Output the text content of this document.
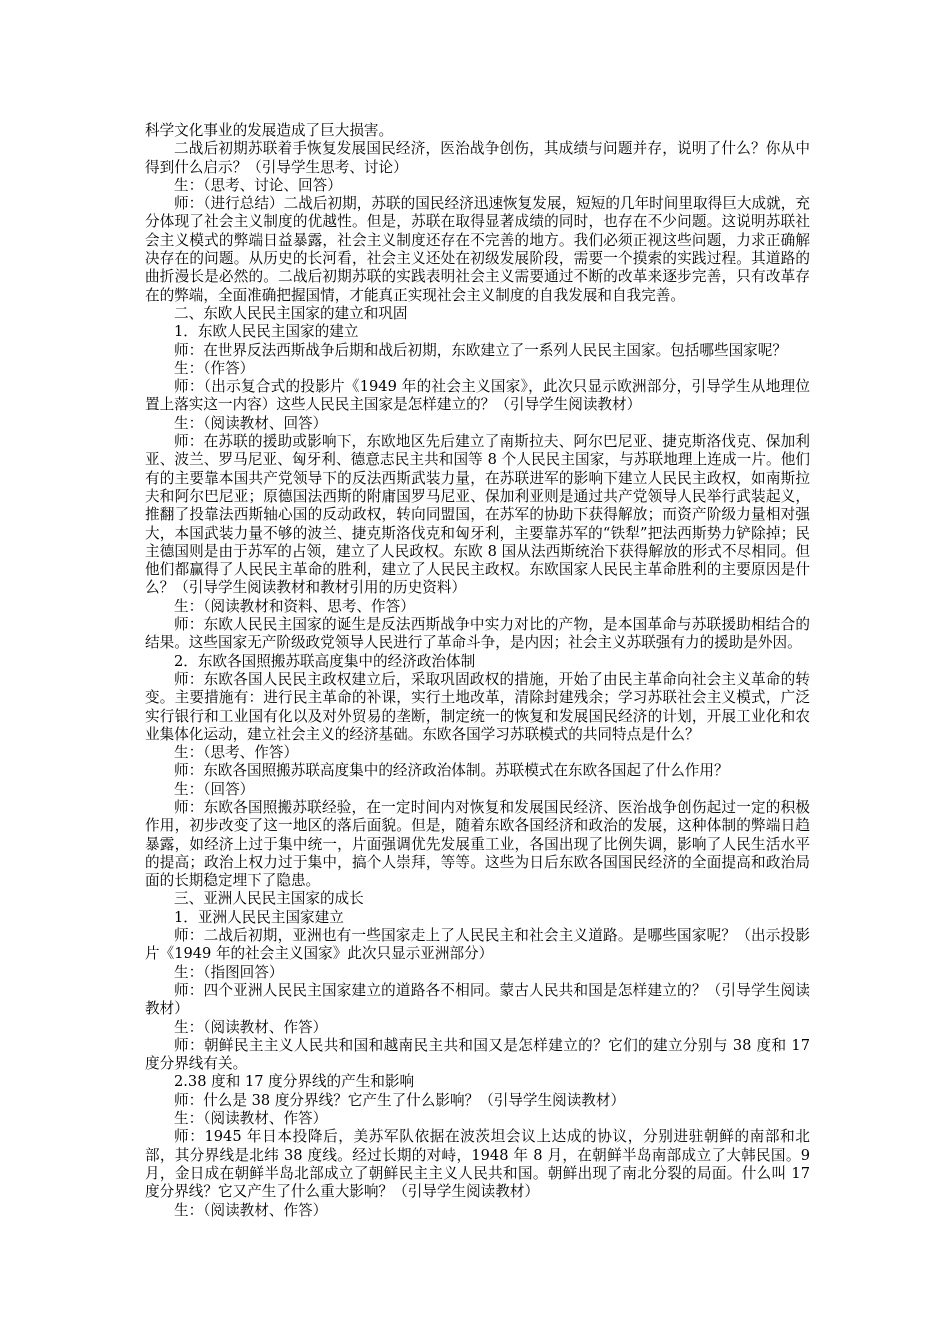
科学文化事业的发展造成了巨大损害。

二战后初期苏联着手恢复发展国民经济，医治战争创伤，其成绩与问题并存，说明了什么？你从中得到什么启示？（引导学生思考、讨论）

生：（思考、讨论、回答）

师：（进行总结）二战后初期，苏联的国民经济迅速恢复发展，短短的几年时间里取得巨大成就，充分体现了社会主义制度的优越性。但是，苏联在取得显著成绩的同时，也存在不少问题。这说明苏联社会主义模式的弊端日益暴露，社会主义制度还存在不完善的地方。我们必须正视这些问题，力求正确解决存在的问题。从历史的长河看，社会主义还处在初级发展阶段，需要一个摸索的实践过程。其道路的曲折漫长是必然的。二战后初期苏联的实践表明社会主义需要通过不断的改革来逐步完善，只有改革存在的弊端，全面准确把握国情，才能真正实现社会主义制度的自我发展和自我完善。

二、东欧人民民主国家的建立和巩固

1．东欧人民民主国家的建立

师：在世界反法西斯战争后期和战后初期，东欧建立了一系列人民民主国家。包括哪些国家呢？

生：（作答）

师：（出示复合式的投影片《1949 年的社会主义国家》，此次只显示欧洲部分，引导学生从地理位置上落实这一内容）这些人民民主国家是怎样建立的？（引导学生阅读教材）

生：（阅读教材、回答）

师：在苏联的援助或影响下，东欧地区先后建立了南斯拉夫、阿尔巴尼亚、捷克斯洛伐克、保加利亚、波兰、罗马尼亚、匈牙利、德意志民主共和国等 8 个人民民主国家，与苏联地理上连成一片。他们有的主要靠本国共产党领导下的反法西斯武装力量，在苏联进军的影响下建立人民民主政权，如南斯拉夫和阿尔巴尼亚；原德国法西斯的附庸国罗马尼亚、保加利亚则是通过共产党领导人民举行武装起义，推翻了投靠法西斯轴心国的反动政权，转向同盟国，在苏军的协助下获得解放；而资产阶级力量相对强大，本国武装力量不够的波兰、捷克斯洛伐克和匈牙利，主要靠苏军的“铁犁”把法西斯势力铲除掉；民主德国则是由于苏军的占领，建立了人民政权。东欧 8 国从法西斯统治下获得解放的形式不尽相同。但他们都赢得了人民民主革命的胜利，建立了人民民主政权。东欧国家人民民主革命胜利的主要原因是什么？（引导学生阅读教材和教材引用的历史资料）

生：（阅读教材和资料、思考、作答）

师：东欧人民民主国家的诞生是反法西斯战争中实力对比的产物，是本国革命与苏联援助相结合的结果。这些国家无产阶级政党领导人民进行了革命斗争，是内因；社会主义苏联强有力的援助是外因。

2．东欧各国照搬苏联高度集中的经济政治体制

师：东欧各国人民民主政权建立后，采取巩固政权的措施，开始了由民主革命向社会主义革命的转变。主要措施有：进行民主革命的补课，实行土地改革，清除封建残余；学习苏联社会主义模式，广泛实行银行和工业国有化以及对外贸易的垄断，制定统一的恢复和发展国民经济的计划，开展工业化和农业集体化运动，建立社会主义的经济基础。东欧各国学习苏联模式的共同特点是什么？

生：（思考、作答）

师：东欧各国照搬苏联高度集中的经济政治体制。苏联模式在东欧各国起了什么作用？

生：（回答）

师：东欧各国照搬苏联经验，在一定时间内对恢复和发展国民经济、医治战争创伤起过一定的积极作用，初步改变了这一地区的落后面貌。但是，随着东欧各国经济和政治的发展，这种体制的弊端日趋暴露，如经济上过于集中统一，片面强调优先发展重工业，各国出现了比例失调，影响了人民生活水平的提高；政治上权力过于集中，搞个人崇拜，等等。这些为日后东欧各国国民经济的全面提高和政治局面的长期稳定埋下了隐患。

三、亚洲人民民主国家的成长

1．亚洲人民民主国家建立

师：二战后初期，亚洲也有一些国家走上了人民民主和社会主义道路。是哪些国家呢？（出示投影片《1949 年的社会主义国家》此次只显示亚洲部分）

生：（指图回答）

师：四个亚洲人民民主国家建立的道路各不相同。蒙古人民共和国是怎样建立的？（引导学生阅读教材）

生：（阅读教材、作答）

师：朝鲜民主主义人民共和国和越南民主共和国又是怎样建立的？它们的建立分别与 38 度和 17 度分界线有关。

2.38 度和 17 度分界线的产生和影响

师：什么是 38 度分界线？它产生了什么影响？（引导学生阅读教材）

生：（阅读教材、作答）

师：1945 年日本投降后，美苏军队依据在波茨坦会议上达成的协议，分别进驻朝鲜的南部和北部，其分界线是北纬 38 度线。经过长期的对峙，1948 年 8 月，在朝鲜半岛南部成立了大韩民国。9 月，金日成在朝鲜半岛北部成立了朝鲜民主主义人民共和国。朝鲜出现了南北分裂的局面。什么叫 17 度分界线？它又产生了什么重大影响？（引导学生阅读教材）

生：（阅读教材、作答）
